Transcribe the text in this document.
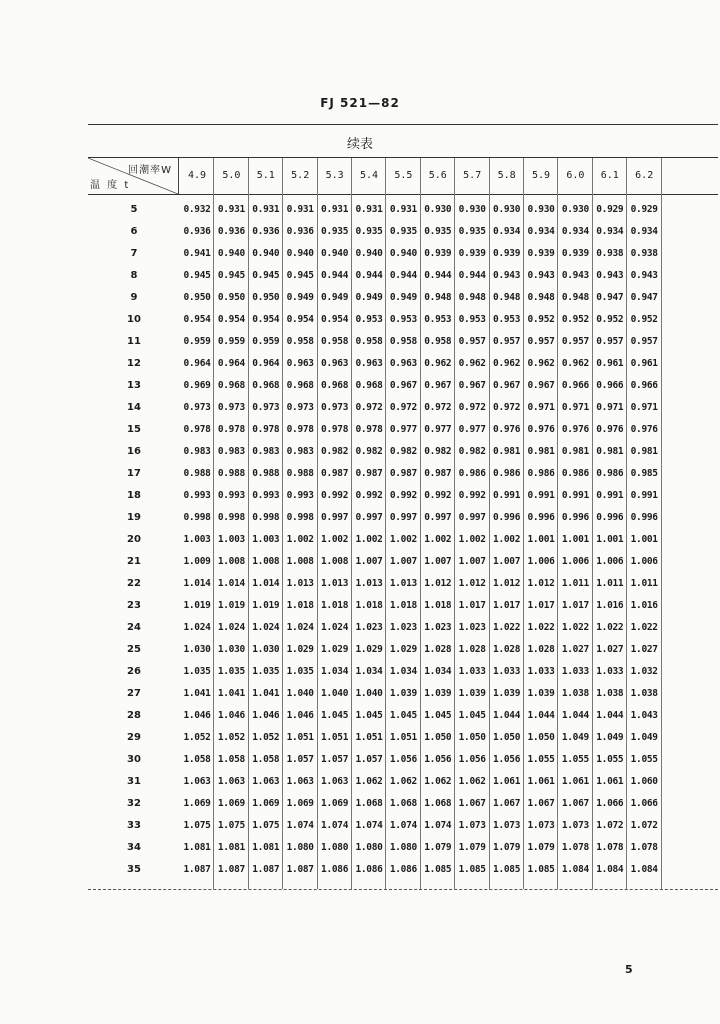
FJ 521—82
续表
回潮率W
温 度 t
4.9	5.0	5.1	5.2	5.3	5.4	5.5	5.6	5.7	5.8	5.9	6.0	6.1	6.2
5	0.932 0.931 0.931 0.931 0.931 0.931 0.931 0.930 0.930 0.930 0.930 0.930 0.929 0.929
6	0.936 0.936 0.936 0.936 0.935 0.935 0.935 0.935 0.935 0.934 0.934 0.934 0.934 0.934
7	0.941 0.940 0.940 0.940 0.940 0.940 0.940 0.939 0.939 0.939 0.939 0.939 0.938 0.938
8	0.945 0.945 0.945 0.945 0.944 0.944 0.944 0.944 0.944 0.943 0.943 0.943 0.943 0.943
9	0.950 0.950 0.950 0.949 0.949 0.949 0.949 0.948 0.948 0.948 0.948 0.948 0.947 0.947
10	0.954 0.954 0.954 0.954 0.954 0.953 0.953 0.953 0.953 0.953 0.952 0.952 0.952 0.952
11	0.959 0.959 0.959 0.958 0.958 0.958 0.958 0.958 0.957 0.957 0.957 0.957 0.957 0.957
12	0.964 0.964 0.964 0.963 0.963 0.963 0.963 0.962 0.962 0.962 0.962 0.962 0.961 0.961
13	0.969 0.968 0.968 0.968 0.968 0.968 0.967 0.967 0.967 0.967 0.967 0.966 0.966 0.966
14	0.973 0.973 0.973 0.973 0.973 0.972 0.972 0.972 0.972 0.972 0.971 0.971 0.971 0.971
15	0.978 0.978 0.978 0.978 0.978 0.978 0.977 0.977 0.977 0.976 0.976 0.976 0.976 0.976
16	0.983 0.983 0.983 0.983 0.982 0.982 0.982 0.982 0.982 0.981 0.981 0.981 0.981 0.981
17	0.988 0.988 0.988 0.988 0.987 0.987 0.987 0.987 0.986 0.986 0.986 0.986 0.986 0.985
18	0.993 0.993 0.993 0.993 0.992 0.992 0.992 0.992 0.992 0.991 0.991 0.991 0.991 0.991
19	0.998 0.998 0.998 0.998 0.997 0.997 0.997 0.997 0.997 0.996 0.996 0.996 0.996 0.996
20	1.003 1.003 1.003 1.002 1.002 1.002 1.002 1.002 1.002 1.002 1.001 1.001 1.001 1.001
21	1.009 1.008 1.008 1.008 1.008 1.007 1.007 1.007 1.007 1.007 1.006 1.006 1.006 1.006
22	1.014 1.014 1.014 1.013 1.013 1.013 1.013 1.012 1.012 1.012 1.012 1.011 1.011 1.011
23	1.019 1.019 1.019 1.018 1.018 1.018 1.018 1.018 1.017 1.017 1.017 1.017 1.016 1.016
24	1.024 1.024 1.024 1.024 1.024 1.023 1.023 1.023 1.023 1.022 1.022 1.022 1.022 1.022
25	1.030 1.030 1.030 1.029 1.029 1.029 1.029 1.028 1.028 1.028 1.028 1.027 1.027 1.027
26	1.035 1.035 1.035 1.035 1.034 1.034 1.034 1.034 1.033 1.033 1.033 1.033 1.033 1.032
27	1.041 1.041 1.041 1.040 1.040 1.040 1.039 1.039 1.039 1.039 1.039 1.038 1.038 1.038
28	1.046 1.046 1.046 1.046 1.045 1.045 1.045 1.045 1.045 1.044 1.044 1.044 1.044 1.043
29	1.052 1.052 1.052 1.051 1.051 1.051 1.051 1.050 1.050 1.050 1.050 1.049 1.049 1.049
30	1.058 1.058 1.058 1.057 1.057 1.057 1.056 1.056 1.056 1.056 1.055 1.055 1.055 1.055
31	1.063 1.063 1.063 1.063 1.063 1.062 1.062 1.062 1.062 1.061 1.061 1.061 1.061 1.060
32	1.069 1.069 1.069 1.069 1.069 1.068 1.068 1.068 1.067 1.067 1.067 1.067 1.066 1.066
33	1.075 1.075 1.075 1.074 1.074 1.074 1.074 1.074 1.073 1.073 1.073 1.073 1.072 1.072
34	1.081 1.081 1.081 1.080 1.080 1.080 1.080 1.079 1.079 1.079 1.079 1.078 1.078 1.078
35	1.087 1.087 1.087 1.087 1.086 1.086 1.086 1.085 1.085 1.085 1.085 1.084 1.084 1.084
5
